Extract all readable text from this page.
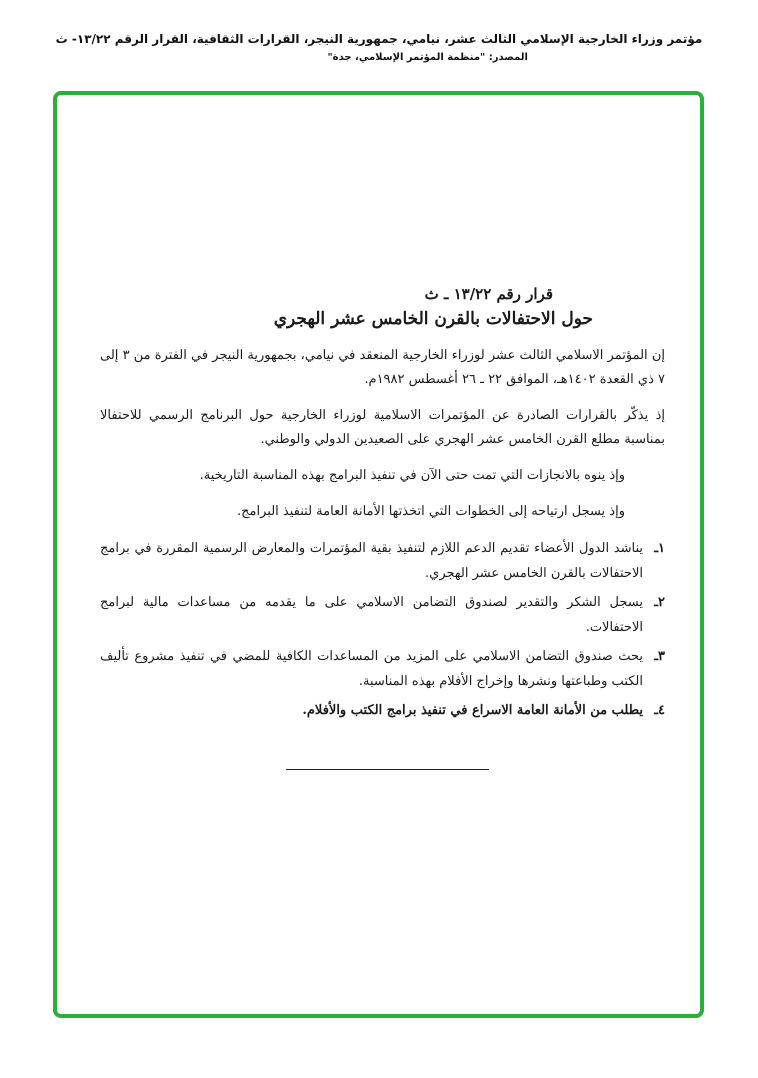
مؤتمر وزراء الخارجية الإسلامي الثالث عشر، نيامي، جمهورية النيجر، القرارات الثقافية، القرار الرقم ١٣/٢٢- ث
المصدر: "منظمة المؤتمر الإسلامي، جدة"
قرار رقم ١٣/٢٢ ـ ث
حول الاحتفالات بالقرن الخامس عشر الهجري

إن المؤتمر الاسلامي الثالث عشر لوزراء الخارجية المنعقد في نيامي، بجمهورية النيجر في الفترة من ٣ إلى ٧ ذي القعدة ١٤٠٢هـ، الموافق ٢٢ ـ ٢٦ أغسطس ١٩٨٢م.

إذ يذكّر بالقرارات الصادرة عن المؤتمرات الاسلامية لوزراء الخارجية حول البرنامج الرسمي للاحتفالا بمناسبة مطلع القرن الخامس عشر الهجري على الصعيدين الدولي والوطني.

وإذ ينوه بالانجازات التي تمت حتى الآن في تنفيذ البرامج بهذه المناسبة التاريخية.

وإذ يسجل ارتياحه إلى الخطوات التي اتخذتها الأمانة العامة لتنفيذ البرامج.

١ـ
يناشد الدول الأعضاء تقديم الدعم اللازم لتنفيذ بقية المؤتمرات والمعارض الرسمية المقررة في برامج الاحتفالات بالقرن الخامس عشر الهجري.
٢ـ
يسجل الشكر والتقدير لصندوق التضامن الاسلامي على ما يقدمه من مساعدات مالية لبرامج الاحتفالات.
٣ـ
يحث صندوق التضامن الاسلامي على المزيد من المساعدات الكافية للمضي في تنفيذ مشروع تأليف الكتب وطباعتها ونشرها وإخراج الأفلام بهذه المناسبة.
٤ـ
يطلب من الأمانة العامة الاسراع في تنفيذ برامج الكتب والأفلام.
